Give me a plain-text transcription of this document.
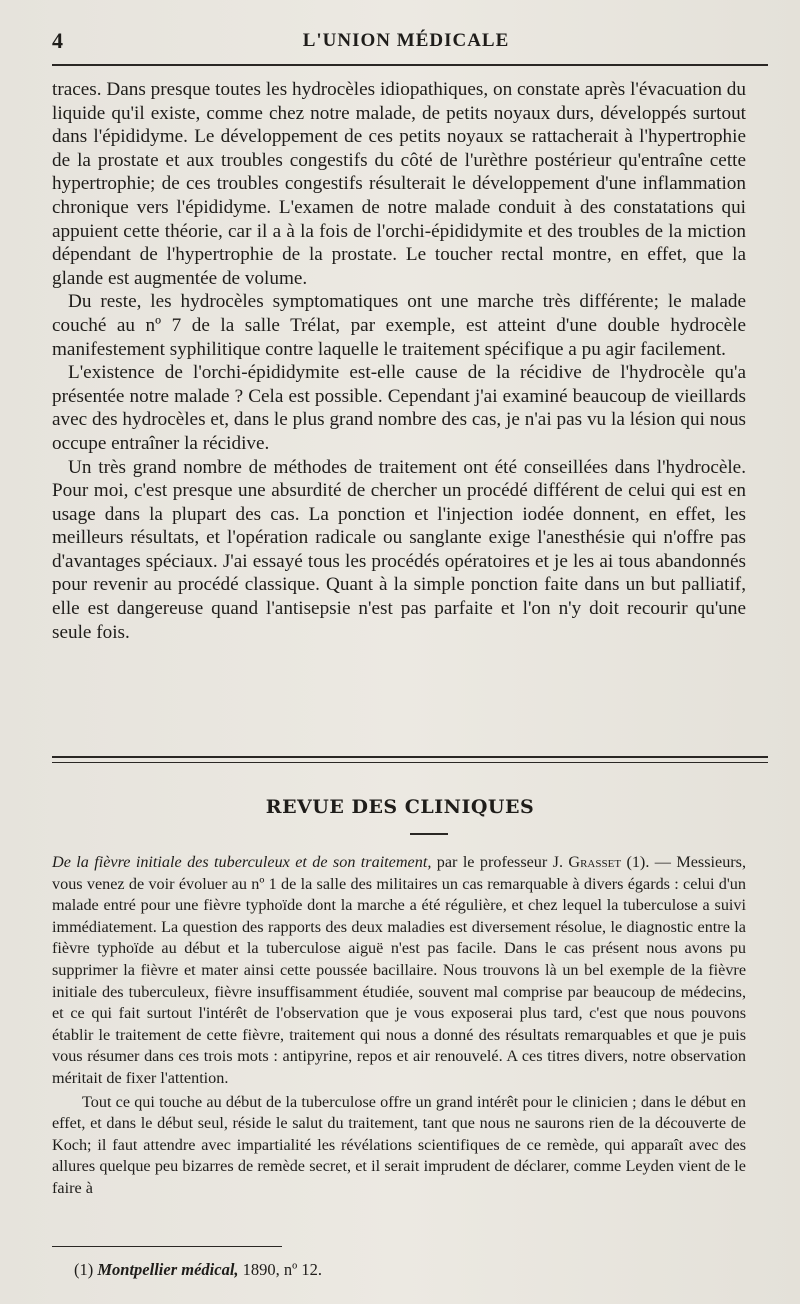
4	L'UNION MÉDICALE

traces. Dans presque toutes les hydrocèles idiopathiques, on constate après l'évacuation du liquide qu'il existe, comme chez notre malade, de petits noyaux durs, développés surtout dans l'épididyme. Le développement de ces petits noyaux se rattacherait à l'hypertrophie de la prostate et aux troubles congestifs du côté de l'urèthre postérieur qu'entraîne cette hypertrophie; de ces troubles congestifs résulterait le développement d'une inflammation chronique vers l'épididyme. L'examen de notre malade conduit à des constatations qui appuient cette théorie, car il a à la fois de l'orchi-épididymite et des troubles de la miction dépendant de l'hypertrophie de la prostate. Le toucher rectal montre, en effet, que la glande est augmentée de volume.

Du reste, les hydrocèles symptomatiques ont une marche très différente; le malade couché au nº 7 de la salle Trélat, par exemple, est atteint d'une double hydrocèle manifestement syphilitique contre laquelle le traitement spécifique a pu agir facilement.

L'existence de l'orchi-épididymite est-elle cause de la récidive de l'hydrocèle qu'a présentée notre malade ? Cela est possible. Cependant j'ai examiné beaucoup de vieillards avec des hydrocèles et, dans le plus grand nombre des cas, je n'ai pas vu la lésion qui nous occupe entraîner la récidive.

Un très grand nombre de méthodes de traitement ont été conseillées dans l'hydrocèle. Pour moi, c'est presque une absurdité de chercher un procédé différent de celui qui est en usage dans la plupart des cas. La ponction et l'injection iodée donnent, en effet, les meilleurs résultats, et l'opération radicale ou sanglante exige l'anesthésie qui n'offre pas d'avantages spéciaux. J'ai essayé tous les procédés opératoires et je les ai tous abandonnés pour revenir au procédé classique. Quant à la simple ponction faite dans un but palliatif, elle est dangereuse quand l'antisepsie n'est pas parfaite et l'on n'y doit recourir qu'une seule fois.

REVUE DES CLINIQUES

De la fièvre initiale des tuberculeux et de son traitement, par le professeur J. Grasset (1). — Messieurs, vous venez de voir évoluer au nº 1 de la salle des militaires un cas remarquable à divers égards : celui d'un malade entré pour une fièvre typhoïde dont la marche a été régulière, et chez lequel la tuberculose a suivi immédiatement. La question des rapports des deux maladies est diversement résolue, le diagnostic entre la fièvre typhoïde au début et la tuberculose aiguë n'est pas facile. Dans le cas présent nous avons pu supprimer la fièvre et mater ainsi cette poussée bacillaire. Nous trouvons là un bel exemple de la fièvre initiale des tuberculeux, fièvre insuffisamment étudiée, souvent mal comprise par beaucoup de médecins, et ce qui fait surtout l'intérêt de l'observation que je vous exposerai plus tard, c'est que nous pouvons établir le traitement de cette fièvre, traitement qui nous a donné des résultats remarquables et que je puis vous résumer dans ces trois mots : antipyrine, repos et air renouvelé. A ces titres divers, notre observation méritait de fixer l'attention.

Tout ce qui touche au début de la tuberculose offre un grand intérêt pour le clinicien ; dans le début en effet, et dans le début seul, réside le salut du traitement, tant que nous ne saurons rien de la découverte de Koch; il faut attendre avec impartialité les révélations scientifiques de ce remède, qui apparaît avec des allures quelque peu bizarres de remède secret, et il serait imprudent de déclarer, comme Leyden vient de le faire à

(1) Montpellier médical, 1890, nº 12.
